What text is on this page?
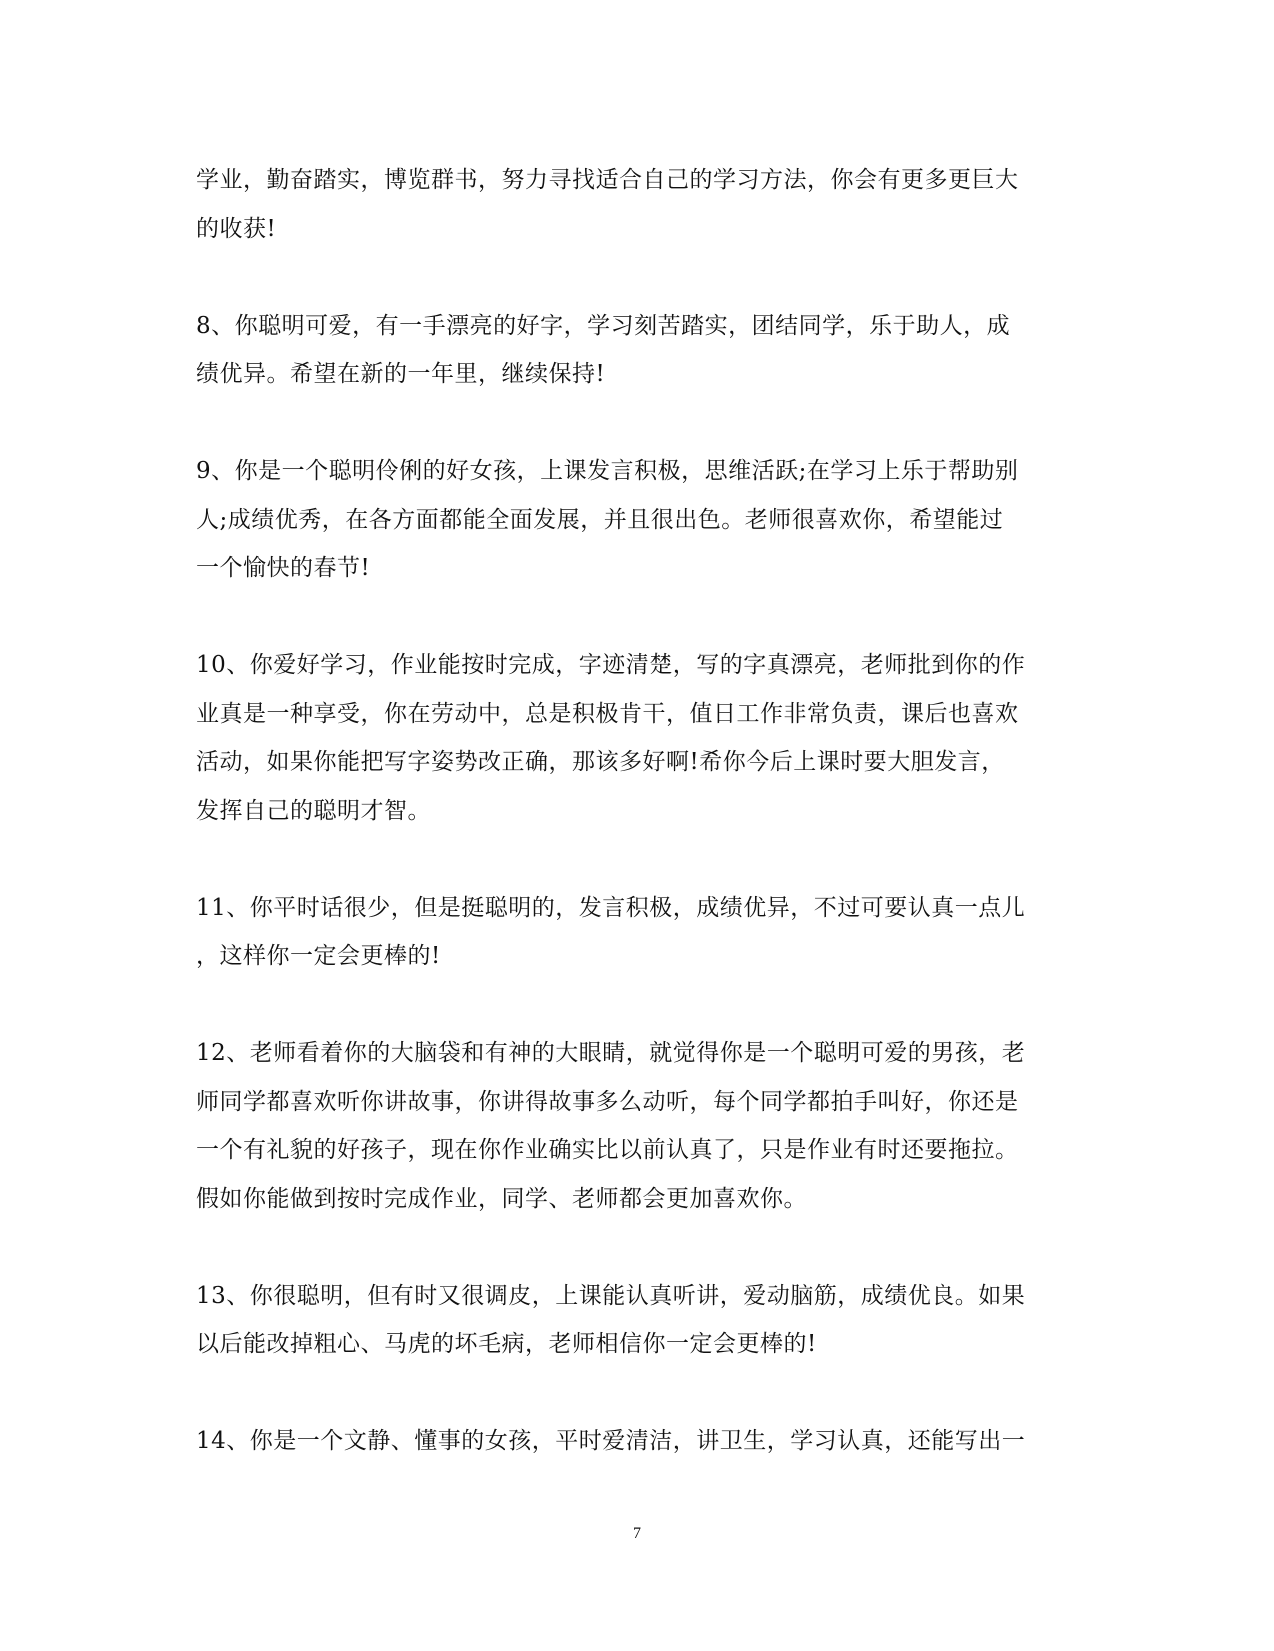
学业，勤奋踏实，博览群书，努力寻找适合自己的学习方法，你会有更多更巨大
的收获!

8、你聪明可爱，有一手漂亮的好字，学习刻苦踏实，团结同学，乐于助人，成
绩优异。希望在新的一年里，继续保持!

9、你是一个聪明伶俐的好女孩，上课发言积极，思维活跃;在学习上乐于帮助别
人;成绩优秀，在各方面都能全面发展，并且很出色。老师很喜欢你，希望能过
一个愉快的春节!

10、你爱好学习，作业能按时完成，字迹清楚，写的字真漂亮，老师批到你的作
业真是一种享受，你在劳动中，总是积极肯干，值日工作非常负责，课后也喜欢
活动，如果你能把写字姿势改正确，那该多好啊!希你今后上课时要大胆发言，
发挥自己的聪明才智。

11、你平时话很少，但是挺聪明的，发言积极，成绩优异，不过可要认真一点儿
，这样你一定会更棒的!

12、老师看着你的大脑袋和有神的大眼睛，就觉得你是一个聪明可爱的男孩，老
师同学都喜欢听你讲故事，你讲得故事多么动听，每个同学都拍手叫好，你还是
一个有礼貌的好孩子，现在你作业确实比以前认真了，只是作业有时还要拖拉。
假如你能做到按时完成作业，同学、老师都会更加喜欢你。

13、你很聪明，但有时又很调皮，上课能认真听讲，爱动脑筋，成绩优良。如果
以后能改掉粗心、马虎的坏毛病，老师相信你一定会更棒的!

14、你是一个文静、懂事的女孩，平时爱清洁，讲卫生，学习认真，还能写出一

7
